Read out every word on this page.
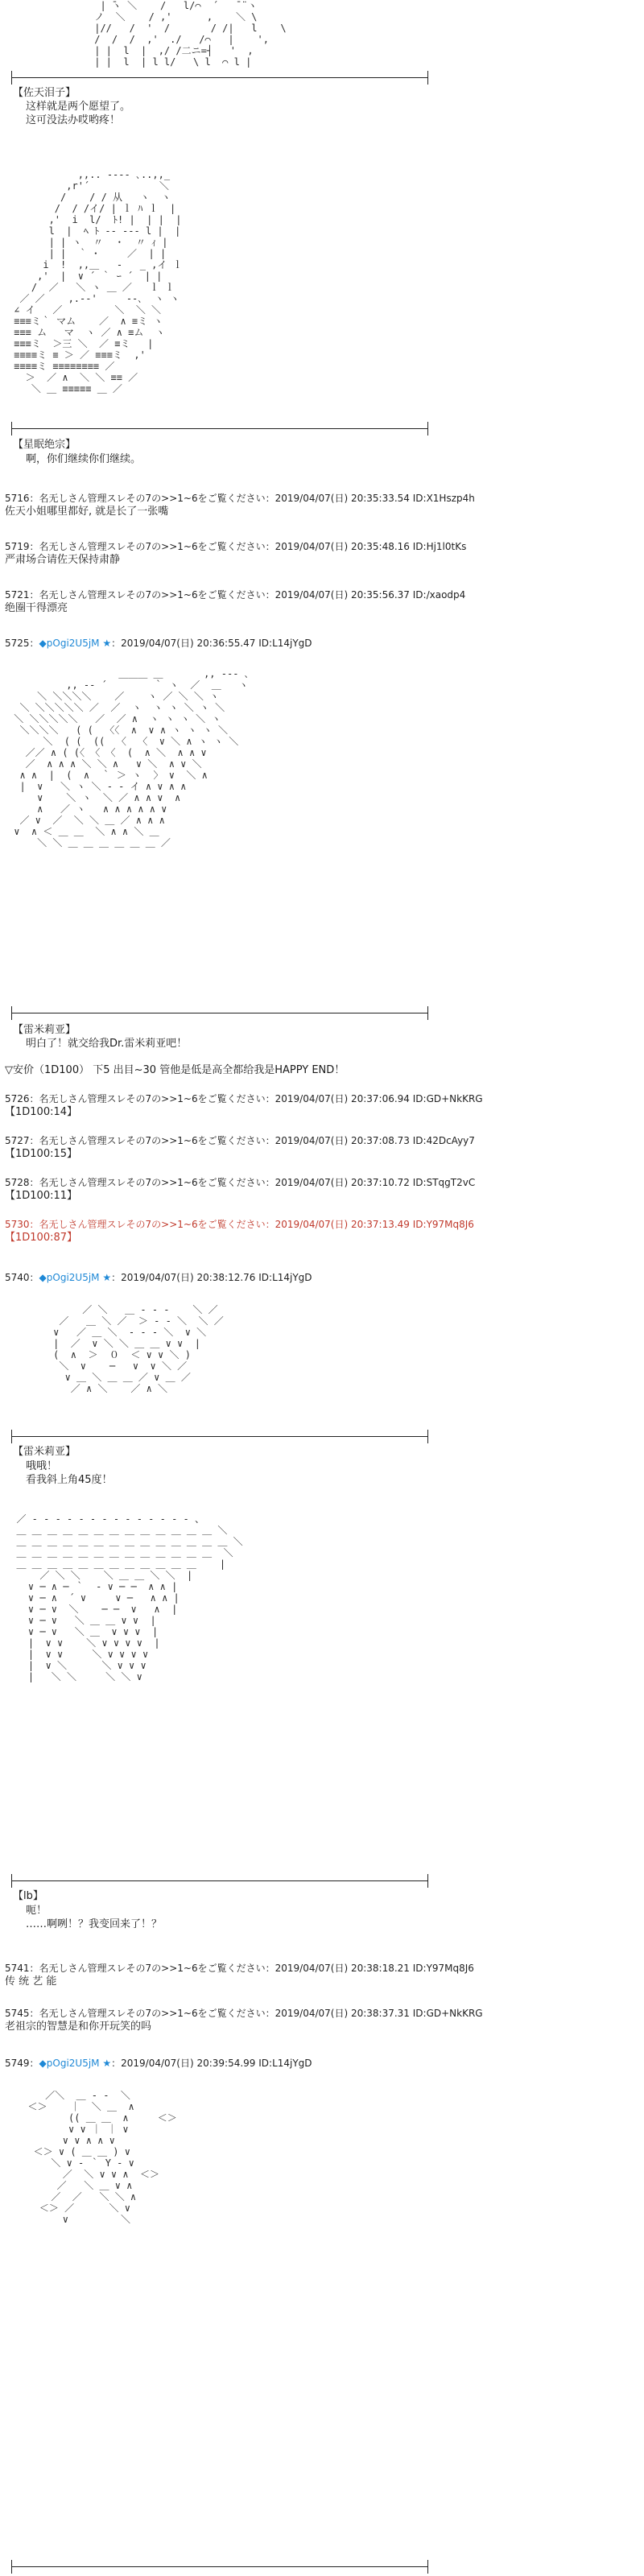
| ̄ヽ ＼    /   l/⌒  ´   ̄ ¨ヽ
ノ  ＼    / ,'      ,    ＼ \
|//   /  '  /       / /|   l    \
/  /  /  ,'  ./   /⌒   |    ',
| |  l  |  ,/ /二ニ=┤   '  ,
| |  l  | l l/   \ l  ⌒ l |
【佐天泪子】
这样就是两个愿望了。
这可没法办哎哟疼！
,,.. -‐‐- ､..,,_
,r'´            ＼
/    / / 从   ヽ  ヽ
/  / /イ/ | ｌ ﾊ ｌ  |
,'  i  l/  ﾄ! |  | |  |
l  |  ﾍ ﾄ ‐‐ ‐‐‐ l |  |
| | ヽ  〃  ・  〃 ｨ |
| |  ｀ ･     ／  | |
i  !  ,,＿   ‐   _ ,イ ｌ
,'  |  ∨ ´ ｀ ｰ ´  | |
/  ／   ＼ ヽ ＿ ／   ｌ ｌ
／ ／    ,.-‐'     ‐‐､  ヽ ヽ
∠ イ   ／         ＼  ＼ ＼
≡≡≡ミ｀ マム    ／  ∧ ≡ミ ヽ
≡≡≡ ム   マ  ヽ ／ ∧ ≡ム  ヽ
≡≡≡ミ  ＞三 ＼  ／ ≡ミ   |
≡≡≡≡ミ ≡ ＞ ／ ≡≡≡ミ  ,'
≡≡≡≡ミ ≡≡≡≡≡≡≡≡ ／
＞  ／ ∧  ＼ ＼ ≡≡ ／
＼ ＿ ≡≡≡≡≡ ＿ ／
【星眠绝宗】
啊，你们继续你们继续。
5716：名无しさん管理スレその7の>>1~6をご覧ください：2019/04/07(日) 20:35:33.54 ID:X1Hszp4h
佐天小姐哪里都好, 就是长了一张嘴
5719：名无しさん管理スレその7の>>1~6をご覧ください：2019/04/07(日) 20:35:48.16 ID:Hj1l0tKs
严肃场合请佐天保持肃静
5721：名无しさん管理スレその7の>>1~6をご覧ください：2019/04/07(日) 20:35:56.37 ID:/xaodp4
绝圈干得漂亮
5725：◆pOgi2U5jM ★：2019/04/07(日) 20:36:55.47 ID:L14jYgD
＿＿＿ ＿       ,, -‐‐ ､
,, -‐ ´        ｀ ヽ  ／  ＿   ヽ
＼ ＼＼＼＼    ／    ヽ ／ ＼ ＼ ヽ
＼ ＼＼＼＼＼ ／  ／  ヽ  ヽ ヽ ＼ ヽ ＼
＼ ＼＼＼＼＼   ／  ／ ∧  ヽ ヽ ヽ ＼ ヽ
＼＼＼＼   ( (  〈〈  ∧  ∨ ∧ ヽ ヽ ヽ ＼
＼  ( (  ((  〈  〈  ∨ ＼ ∧ ヽ ヽ ＼
／／ ∧ ( (〈 〈 〈  (  ∧ ＼  ∧ ∧ ∨
／  ∧ ∧ ∧ ＼ ＼ ∧   ∨ ＼  ∧ ∨ ＼
∧ ∧  |  (  ∧  ｀ ＞ ヽ  〉 ∨  ＼ ∧
|  ∨   ＼ ヽ ＼ ‐ ‐ イ ∧ ∨ ∧ ∧
∨    ＼ ヽ  ＼ ／ ∧ ∧ ∨  ∧
∧   ／ ヽ   ∧ ∧ ∧ ∧ ∧ ∨
／ ∨  ／  ＼ ＼ ＿ ／ ∧ ∧ ∧
∨  ∧ ＜ ＿ ＿  ＼ ∧ ∧ ＼ ＿
＼ ＼ ＿ ＿ ＿ ＿ ＿ ＿ ／
【雷米莉亚】
明白了！就交给我Dr.雷米莉亚吧！
▽安价（1D100） 下5 出目~30 管他是低是高全都给我是HAPPY END！
5726：名无しさん管理スレその7の>>1~6をご覧ください：2019/04/07(日) 20:37:06.94 ID:GD+NkKRG
【1D100:14】
5727：名无しさん管理スレその7の>>1~6をご覧ください：2019/04/07(日) 20:37:08.73 ID:42DcAyy7
【1D100:15】
5728：名无しさん管理スレその7の>>1~6をご覧ください：2019/04/07(日) 20:37:10.72 ID:STqgT2vC
【1D100:11】
5730：名无しさん管理スレその7の>>1~6をご覧ください：2019/04/07(日) 20:37:13.49 ID:Y97Mq8J6
【1D100:87】
5740：◆pOgi2U5jM ★：2019/04/07(日) 20:38:12.76 ID:L14jYgD
／ ＼   ＿ ‐ ‐ ‐    ＼ ／
／   ＿ ＼ ／  ＞ ‐ ‐ ＼  ＼ ／
∨   ／ ＿ ＼  ‐ ‐ ‐ ＼  ∨ ＼
|  ／  ∨ ＼ ＼ ＿ ＿ ∨ ∨  |
(  ∧  ＞  ０  ＜ ∨ ∨ ＼ )
＼  ∨    ─   ∨  ∨ ＼ ／
∨ ＿ ＼ ＿ ＿ ／ ∨ ＿ ／
／ ∧ ＼    ／ ∧ ＼
【雷米莉亚】
哦哦！
看我斜上角45度！
／ ‐ ‐ ‐ ‐ ‐ ‐ ‐ ‐ ‐ ‐ ‐ ‐ ‐ ‐ 、
＿ ＿ ＿ ＿ ＿ ＿ ＿ ＿ ＿ ＿ ＿ ＿ ＿ ＼
＿ ＿ ＿ ＿ ＿ ＿ ＿ ＿ ＿ ＿ ＿ ＿ ＿ ＿ ＼
＿ ＿ ＿ ＿ ＿ ＿ ＿ ＿ ＿ ＿ ＿ ＿ ＿  ＼
＿ ＿ ＿ ＿ ＿ ＿ ＿ ＿ ＿ ＿ ＿ ＿    |
／ ＼ ＼    ＼ ＿ ＿ ＼ ＼  |
∨ ─ ∧ ─ ｀  ‐ ∨ ─ ─  ∧ ∧ |
∨ ─ ∧  ´ ∨     ∨ ─   ∧ ∧ |
∨ ─ ∨  ＼    ─ ─  ∨   ∧  |
∨ ─ ∨   ＼ ＿ ＿ ∨ ∨  |
∨ ─ ∨   ＼ ＿  ∨ ∨ ∨  |
|  ∨ ∨    ＼ ∨ ∨ ∨ ∨  |
|  ∨ ∨     ＼ ∨ ∨ ∨ ∨
|  ∨ ＼      ＼ ∨ ∨ ∨
|   ＼ ＼     ＼ ＼ ∨
【lb】
呃！
……啊咧！？我变回来了！？
5741：名无しさん管理スレその7の>>1~6をご覧ください：2019/04/07(日) 20:38:18.21 ID:Y97Mq8J6
传 统 艺 能
5745：名无しさん管理スレその7の>>1~6をご覧ください：2019/04/07(日) 20:38:37.31 ID:GD+NkKRG
老祖宗的智慧是和你开玩笑的吗
5749：◆pOgi2U5jM ★：2019/04/07(日) 20:39:54.99 ID:L14jYgD
／＼  ＿ ‐ ‐  ＼
＜＞    ｜  ＼ ＿  ∧
(( ＿ ＿  ∧     ＜＞
∨ ∨ ｜ ｜ ∨
∨ ∨ ∧ ∧ ∨
＜＞ ∨ ( ＿ ＿ ) ∨
＼ ∨ ‐ ｀ Y ‐ ∨
／  ＼ ∨ ∨ ∧  ＜＞
／   ＼ ＿ ∨ ∧
／  ／   ＼ ＼ ∧
＜＞ ／      ＼ ∨
∨         ＼
